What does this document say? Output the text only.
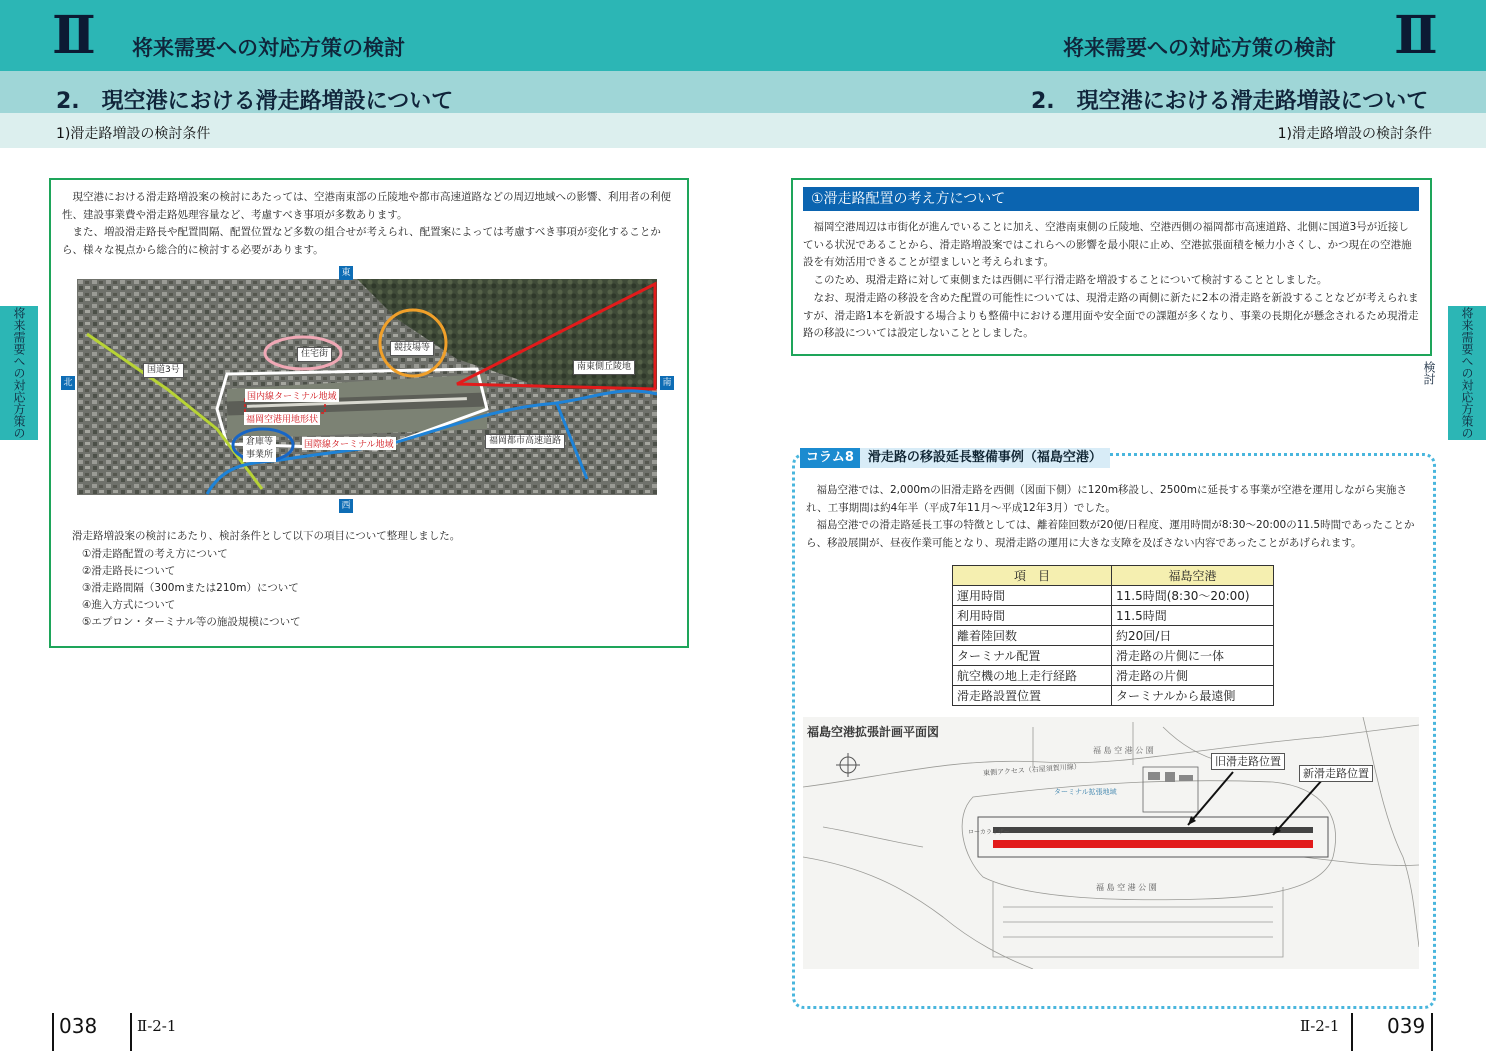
Ⅱ 将来需要への対応方策の検討
2.　現空港における滑走路増設について
1)滑走路増設の検討条件
Ⅱ
将来需要への対応方策の検討
2.　現空港における滑走路増設について
1)滑走路増設の検討条件
将来需要への対応方策の	将来需要への対応方策の検討
現空港における滑走路増設案の検討にあたっては、空港南東部の丘陵地や都市高速道路などの周辺地域への影響、利用者の利便性、建設事業費や滑走路処理容量など、考慮すべき事項が多数あります。
また、増設滑走路長や配置間隔、配置位置など多数の組合せが考えられ、配置案によっては考慮すべき事項が変化することから、様々な視点から総合的に検討する必要があります。
東
西
北	南
住宅街
競技場等
国道3号	南東側丘陵地
国内線ターミナル地域
福岡空港用地形状
倉庫等
事業所
国際線ターミナル地域	福岡都市高速道路
滑走路増設案の検討にあたり、検討条件として以下の項目について整理しました。
①滑走路配置の考え方について
②滑走路長について
③滑走路間隔（300mまたは210m）について
④進入方式について
⑤エプロン・ターミナル等の施設規模について
①滑走路配置の考え方について
福岡空港周辺は市街化が進んでいることに加え、空港南東側の丘陵地、空港西側の福岡都市高速道路、北側に国道3号が近接している状況であることから、滑走路増設案ではこれらへの影響を最小限に止め、空港拡張面積を極力小さくし、かつ現在の空港施設を有効活用できることが望ましいと考えられます。
このため、現滑走路に対して東側または西側に平行滑走路を増設することについて検討することとしました。
なお、現滑走路の移設を含めた配置の可能性については、現滑走路の両側に新たに2本の滑走路を新設することなどが考えられますが、滑走路1本を新設する場合よりも整備中における運用面や安全面での課題が多くなり、事業の長期化が懸念されるため現滑走路の移設については設定しないこととしました。
コラム8	滑走路の移設延長整備事例（福島空港）
福島空港では、2,000mの旧滑走路を西側（図面下側）に120m移設し、2500mに延長する事業が空港を運用しながら実施され、工事期間は約4年半（平成7年11月～平成12年3月）でした。
福島空港での滑走路延長工事の特徴としては、離着陸回数が20便/日程度、運用時間が8:30～20:00の11.5時間であったことから、移設展開が、昼夜作業可能となり、現滑走路の運用に大きな支障を及ぼさない内容であったことがあげられます。
項　目	福島空港
運用時間	11.5時間(8:30～20:00)
利用時間	11.5時間
離着陸回数	約20回/日
ターミナル配置	滑走路の片側に一体
航空機の地上走行経路	滑走路の片側
滑走路設置位置	ターミナルから最遠側
福島空港拡張計画平面図
福 島 空 港 公 園
東側アクセス（右屋須賀川線）
ターミナル拡張地域
ローカライザー
福 島 空 港 公 園
旧滑走路位置
新滑走路位置
038	Ⅱ-2-1	Ⅱ-2-1 039
